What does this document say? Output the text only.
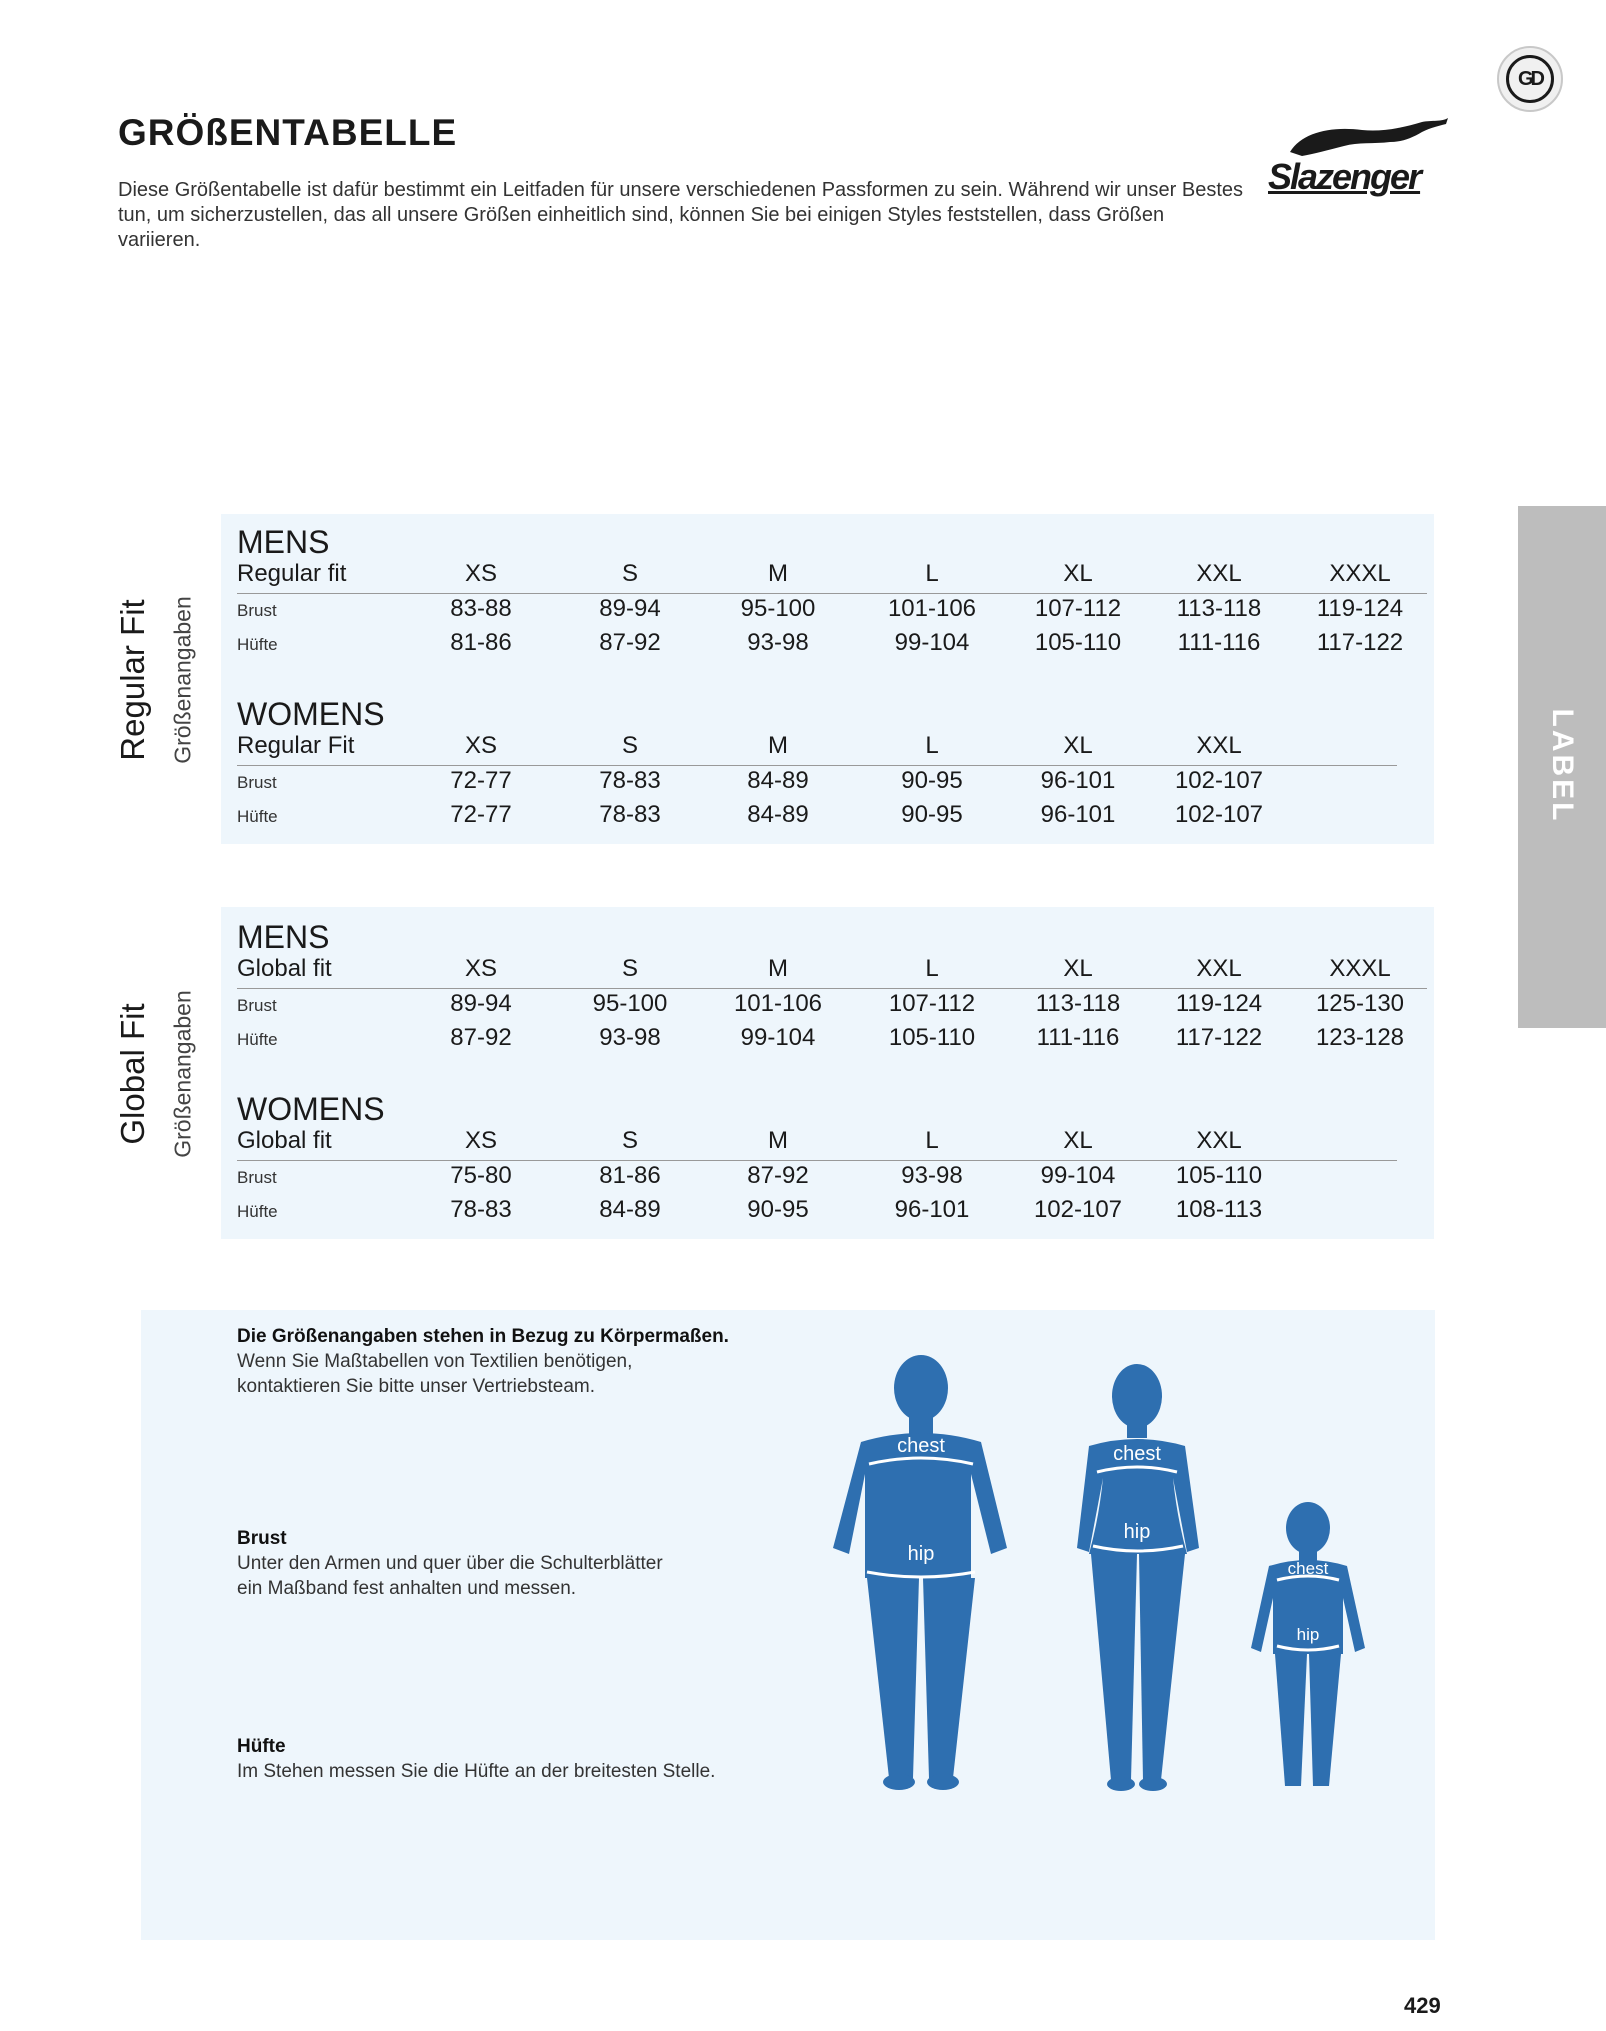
GRÖßENTABELLE
Diese Größentabelle ist dafür bestimmt ein Leitfaden für unsere verschiedenen Passformen zu sein. Während wir unser Bestes tun, um sicherzustellen, das all unsere Größen einheitlich sind, können Sie bei einigen Styles feststellen, dass Größen variieren.
GD
Slazenger
LABEL
Regular Fit Größenangaben
MENS
Regular fit	XS	S	M	L	XL	XXL	XXXL
Brust	83-88	89-94	95-100	101-106	107-112	113-118	119-124
Hüfte	81-86	87-92	93-98	99-104	105-110	111-116	117-122
WOMENS
Regular Fit	XS	S	M	L	XL	XXL
Brust	72-77	78-83	84-89	90-95	96-101	102-107
Hüfte	72-77	78-83	84-89	90-95	96-101	102-107
Global Fit Größenangaben
MENS
Global fit	XS	S	M	L	XL	XXL	XXXL
Brust	89-94	95-100	101-106	107-112	113-118	119-124	125-130
Hüfte	87-92	93-98	99-104	105-110	111-116	117-122	123-128
WOMENS
Global fit	XS	S	M	L	XL	XXL
Brust	75-80	81-86	87-92	93-98	99-104	105-110
Hüfte	78-83	84-89	90-95	96-101	102-107	108-113
Die Größenangaben stehen in Bezug zu Körpermaßen.
Wenn Sie Maßtabellen von Textilien benötigen,
kontaktieren Sie bitte unser Vertriebsteam.
Brust
Unter den Armen und quer über die Schulterblätter
ein Maßband fest anhalten und messen.
Hüfte
Im Stehen messen Sie die Hüfte an der breitesten Stelle.
chest
hip
chest
hip
chest
hip
429
